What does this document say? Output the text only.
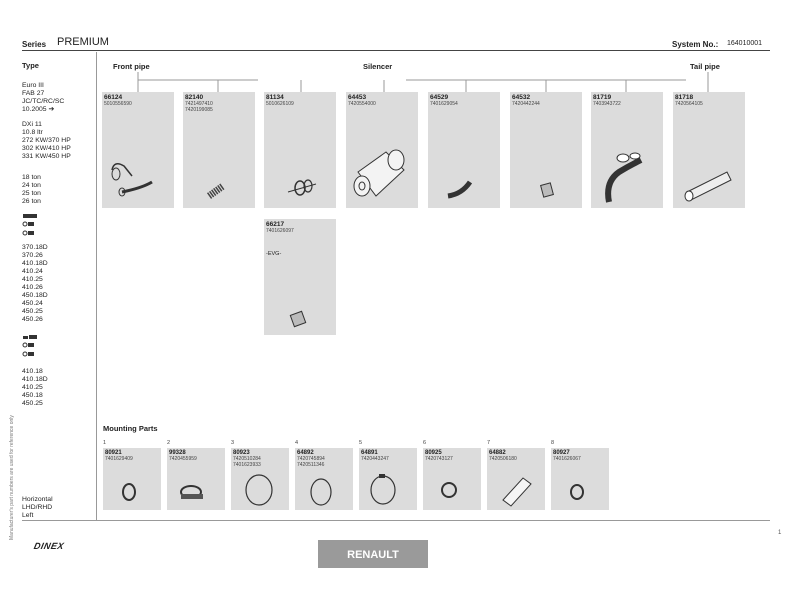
Series PREMIUM	System No.: 164010001
Manufacturer's part numbers are used for reference only
Type
Euro III
FAB 27
JC/TC/RC/SC
10.2005 ➔
DXi 11
10.8 ltr
272 KW/370 HP
302 KW/410 HP
331 KW/450 HP
18 ton
24 ton
25 ton
26 ton
370.18D
370.26
410.18D
410.24
410.25
410.26
450.18D
450.24
450.25
450.26
410.18
410.18D
410.25
450.18
450.25
Horizontal
LHD/RHD
Left
Front pipe	Silencer	Tail pipe
66124
5010556590
82140
7421497410
7420199085
81134
5010626109
64453
7420554000
64529
7401629054
64532
7420442244
81719
7403943722
81718
7420564105
66217
7401626097
-EVG-
Mounting Parts
1
80921
7401629409
2
99328
7420455959
3
80923
7420510284
7401623933
4
64892
7420745894
7420511346
5
64891
7420443247
6
80925
7420743127
7
64882
7420506180
8
80927
7401626067
DINEX
RENAULT
1
